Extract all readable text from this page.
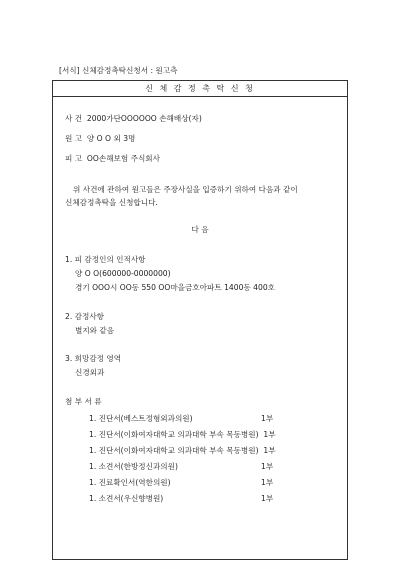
[서식] 신체감정촉탁신청서 : 원고측
신 체 감 정 촉 탁 신 청
사 건 2000가단OOOOOO 손해배상(자)
원 고 양 O O 외 3명
피 고 OO손해보험 주식회사
위 사건에 관하여 원고들은 주장사실을 입증하기 위하여 다음과 같이
신체감정촉탁을 신청합니다.
다 음
1. 피 감정인의 인적사항
양 O O(600000-0000000)
경기 OOO시 OO동 550 OO마을금호아파트 1400동 400호
2. 감정사항
별지와 같음
3. 희망감정 영역
신경외과
첨 부 서 류
1. 진단서(베스트정형외과의원)	1부
1. 진단서(이화여자대학교 의과대학 부속 목동병원) 1부
1. 진단서(이화여자대학교 의과대학 부속 목동병원) 1부
1. 소견서(한방정신과의원)	1부
1. 진료확인서(역한의원)	1부
1. 소견서(우신향병원)	1부
